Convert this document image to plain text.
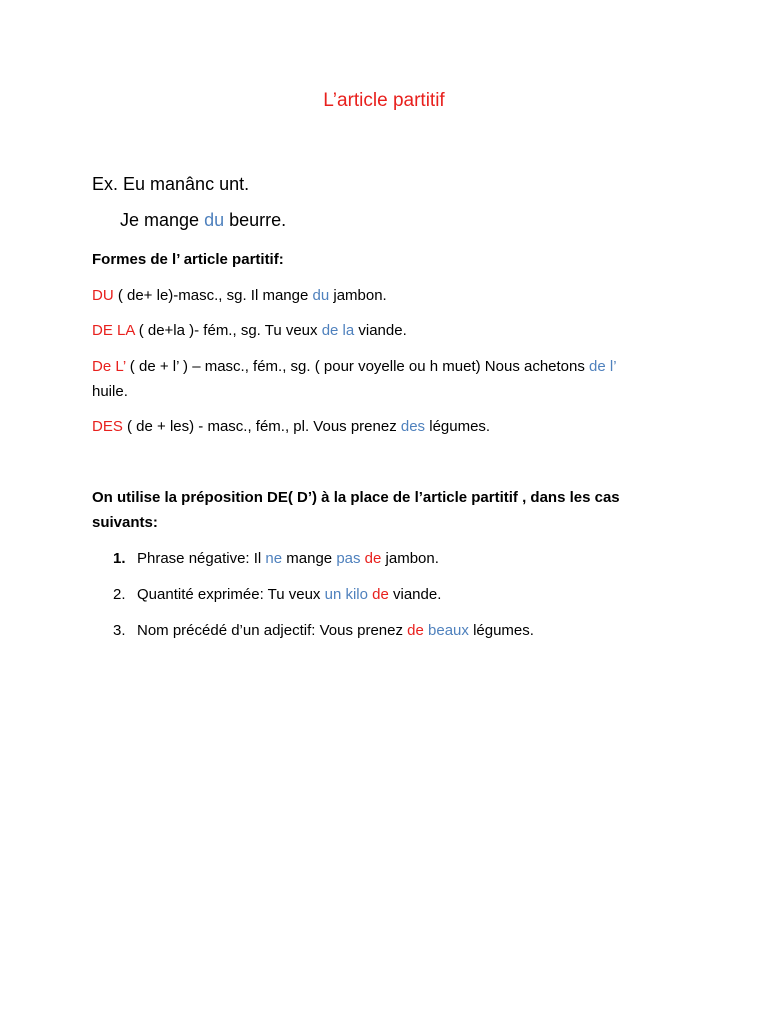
L’article partitif
Ex. Eu manânc unt.
Je mange du beurre.
Formes de l’ article partitif:
DU ( de+ le)-masc., sg. Il mange du jambon.
DE LA ( de+la )- fém., sg. Tu veux de la viande.
De L’ ( de + l’ ) – masc., fém., sg. ( pour voyelle ou h muet) Nous achetons de l’
huile.
DES ( de + les) - masc., fém., pl. Vous prenez des légumes.
On utilise la préposition DE( D’) à la place de l’article partitif , dans les cas
suivants:
1. Phrase négative: Il ne mange pas de jambon.
2. Quantité exprimée: Tu veux un kilo de viande.
3. Nom précédé d’un adjectif: Vous prenez de beaux légumes.
